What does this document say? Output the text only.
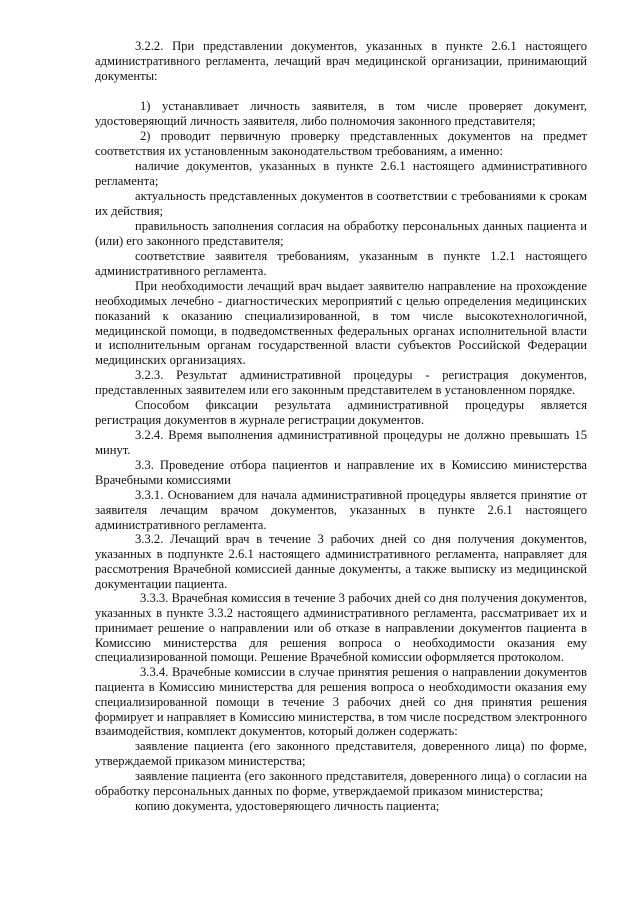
3.2.2. При представлении документов, указанных в пункте 2.6.1 настоящего административного регламента, лечащий врач медицинской организации, принимающий документы:

1) устанавливает личность заявителя, в том числе проверяет документ, удостоверяющий личность заявителя, либо полномочия законного представителя;

2) проводит первичную проверку представленных документов на предмет соответствия их установленным законодательством требованиям, а именно:

наличие документов, указанных в пункте 2.6.1 настоящего административного регламента;

актуальность представленных документов в соответствии с требованиями к срокам их действия;

правильность заполнения согласия на обработку персональных данных пациента и (или) его законного представителя;

соответствие заявителя требованиям, указанным в пункте 1.2.1 настоящего административного регламента.

При необходимости лечащий врач выдает заявителю направление на прохождение необходимых лечебно - диагностических мероприятий с целью определения медицинских показаний к оказанию специализированной, в том числе высокотехнологичной, медицинской помощи, в подведомственных федеральных органах исполнительной власти и исполнительным органам государственной власти субъектов Российской Федерации медицинских организациях.

3.2.3. Результат административной процедуры - регистрация документов, представленных заявителем или его законным представителем в установленном порядке.

Способом фиксации результата административной процедуры является регистрация документов в журнале регистрации документов.

3.2.4. Время выполнения административной процедуры не должно превышать 15 минут.

3.3. Проведение отбора пациентов и направление их в Комиссию министерства Врачебными комиссиями

3.3.1. Основанием для начала административной процедуры является принятие от заявителя лечащим врачом документов, указанных в пункте 2.6.1 настоящего административного регламента.

3.3.2. Лечащий врач в течение 3 рабочих дней со дня получения документов, указанных в подпункте 2.6.1 настоящего административного регламента, направляет для рассмотрения Врачебной комиссией данные документы, а также выписку из медицинской документации пациента.

3.3.3. Врачебная комиссия в течение 3 рабочих дней со дня получения документов, указанных в пункте 3.3.2 настоящего административного регламента, рассматривает их и принимает решение о направлении или об отказе в направлении документов пациента в Комиссию министерства для решения вопроса о необходимости оказания ему специализированной помощи. Решение Врачебной комиссии оформляется протоколом.

3.3.4. Врачебные комиссии в случае принятия решения о направлении документов пациента в Комиссию министерства для решения вопроса о необходимости оказания ему специализированной помощи в течение 3 рабочих дней со дня принятия решения формирует и направляет в Комиссию министерства, в том числе посредством электронного взаимодействия, комплект документов, который должен содержать:

заявление пациента (его законного представителя, доверенного лица) по форме, утверждаемой приказом министерства;

заявление пациента (его законного представителя, доверенного лица) о согласии на обработку персональных данных по форме, утверждаемой приказом министерства;

копию документа, удостоверяющего личность пациента;
